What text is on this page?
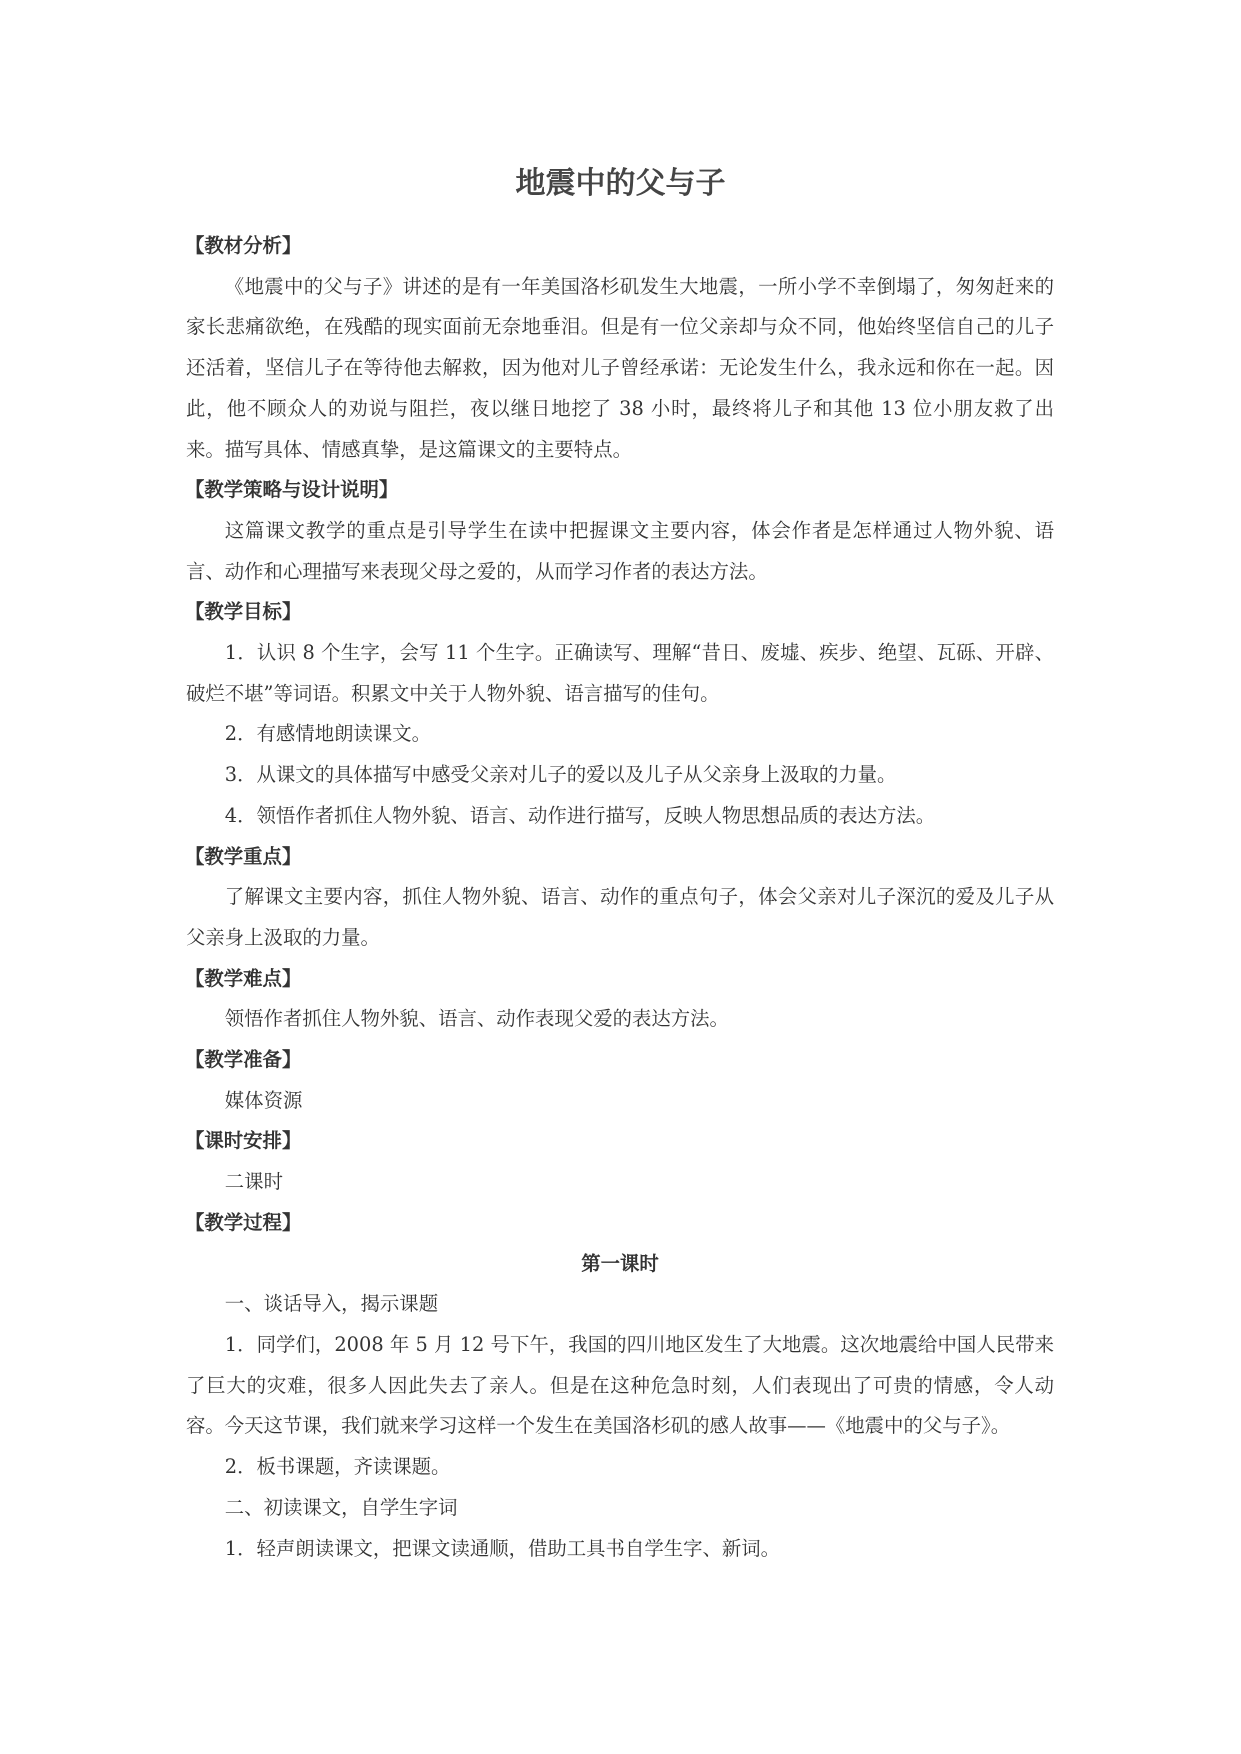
地震中的父与子
【教材分析】
《地震中的父与子》讲述的是有一年美国洛杉矶发生大地震，一所小学不幸倒塌了，匆匆赶来的家长悲痛欲绝，在残酷的现实面前无奈地垂泪。但是有一位父亲却与众不同，他始终坚信自己的儿子还活着，坚信儿子在等待他去解救，因为他对儿子曾经承诺：无论发生什么，我永远和你在一起。因此，他不顾众人的劝说与阻拦，夜以继日地挖了 38 小时，最终将儿子和其他 13 位小朋友救了出来。描写具体、情感真挚，是这篇课文的主要特点。
【教学策略与设计说明】
这篇课文教学的重点是引导学生在读中把握课文主要内容，体会作者是怎样通过人物外貌、语言、动作和心理描写来表现父母之爱的，从而学习作者的表达方法。
【教学目标】
1．认识 8 个生字，会写 11 个生字。正确读写、理解“昔日、废墟、疾步、绝望、瓦砾、开辟、破烂不堪”等词语。积累文中关于人物外貌、语言描写的佳句。
2．有感情地朗读课文。
3．从课文的具体描写中感受父亲对儿子的爱以及儿子从父亲身上汲取的力量。
4．领悟作者抓住人物外貌、语言、动作进行描写，反映人物思想品质的表达方法。
【教学重点】
了解课文主要内容，抓住人物外貌、语言、动作的重点句子，体会父亲对儿子深沉的爱及儿子从父亲身上汲取的力量。
【教学难点】
领悟作者抓住人物外貌、语言、动作表现父爱的表达方法。
【教学准备】
媒体资源
【课时安排】
二课时
【教学过程】
第一课时
一、谈话导入，揭示课题
1．同学们，2008 年 5 月 12 号下午，我国的四川地区发生了大地震。这次地震给中国人民带来了巨大的灾难，很多人因此失去了亲人。但是在这种危急时刻，人们表现出了可贵的情感，令人动容。今天这节课，我们就来学习这样一个发生在美国洛杉矶的感人故事——《地震中的父与子》。
2．板书课题，齐读课题。
二、初读课文，自学生字词
1．轻声朗读课文，把课文读通顺，借助工具书自学生字、新词。
